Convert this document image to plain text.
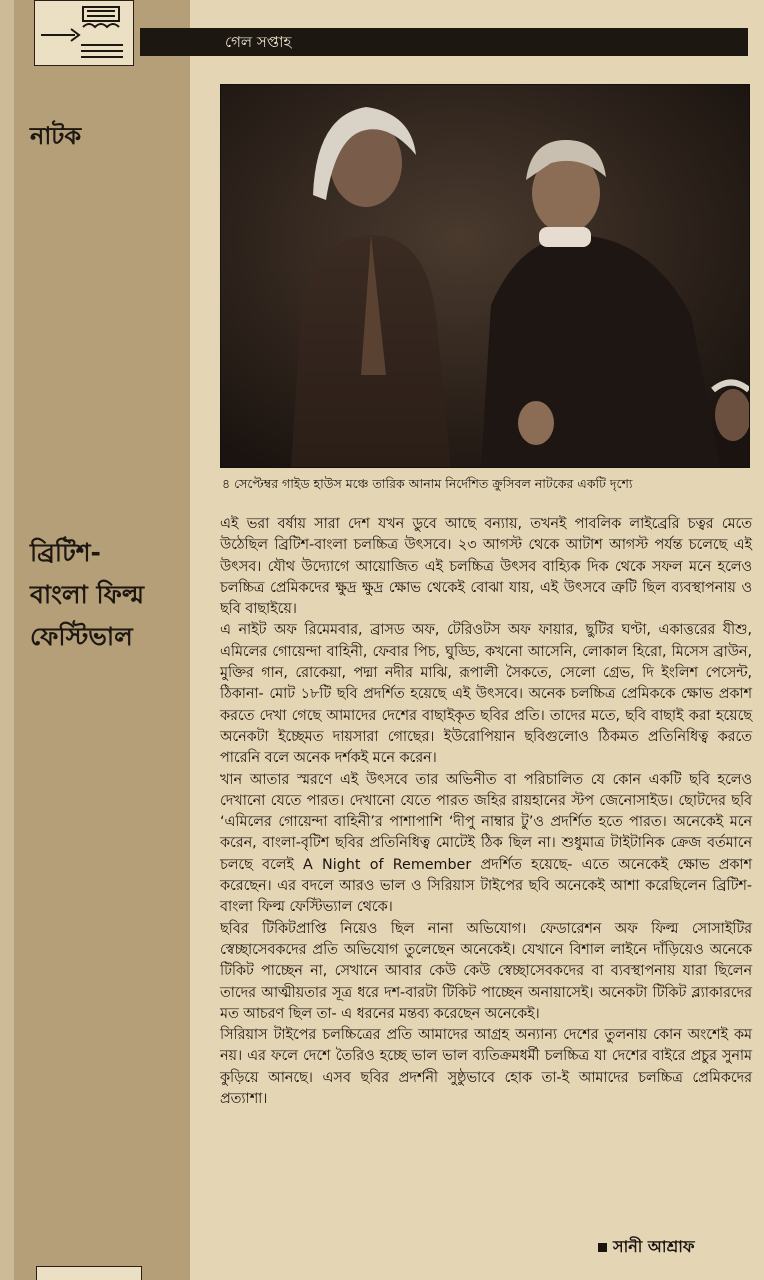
গেল সপ্তাহ
নাটক
৪ সেপ্টেম্বর গাইড হাউস মঞ্চে তারিক আনাম নির্দেশিত ক্রুসিবল নাটকের একটি দৃশ্যে
ব্রিটিশ-
বাংলা ফিল্ম
ফেস্টিভাল

এই ভরা বর্ষায় সারা দেশ যখন ডুবে আছে বন্যায়, তখনই পাবলিক লাইব্রেরি চত্বর মেতে উঠেছিল ব্রিটিশ-বাংলা চলচ্চিত্র উৎসবে। ২৩ আগস্ট থেকে আটাশ আগস্ট পর্যন্ত চলেছে এই উৎসব। যৌথ উদ্যোগে আয়োজিত এই চলচ্চিত্র উৎসব বাহ্যিক দিক থেকে সফল মনে হলেও চলচ্চিত্র প্রেমিকদের ক্ষুদ্র ক্ষুদ্র ক্ষোভ থেকেই বোঝা যায়, এই উৎসবে ত্রুটি ছিল ব্যবস্থাপনায় ও ছবি বাছাইয়ে।

এ নাইট অফ রিমেমবার, ব্রাসড অফ, টেরিওটস অফ ফায়ার, ছুটির ঘণ্টা, একাত্তরের যীশু, এমিলের গোয়েন্দা বাহিনী, ফেবার পিচ, ঘুড্ডি, কখনো আসেনি, লোকাল হিরো, মিসেস ব্রাউন, মুক্তির গান, রোকেয়া, পদ্মা নদীর মাঝি, রূপালী সৈকতে, সেলো গ্রেভ, দি ইংলিশ পেসেন্ট, ঠিকানা- মোট ১৮টি ছবি প্রদর্শিত হয়েছে এই উৎসবে। অনেক চলচ্চিত্র প্রেমিককে ক্ষোভ প্রকাশ করতে দেখা গেছে আমাদের দেশের বাছাইকৃত ছবির প্রতি। তাদের মতে, ছবি বাছাই করা হয়েছে অনেকটা ইচ্ছেমত দায়সারা গোছের। ইউরোপিয়ান ছবিগুলোও ঠিকমত প্রতিনিধিত্ব করতে পারেনি বলে অনেক দর্শকই মনে করেন।

খান আতার স্মরণে এই উৎসবে তার অভিনীত বা পরিচালিত যে কোন একটি ছবি হলেও দেখানো যেতে পারত। দেখানো যেতে পারত জহির রায়হানের স্টপ জেনোসাইড। ছোটদের ছবি ‘এমিলের গোয়েন্দা বাহিনী’র পাশাপাশি ‘দীপু নাম্বার টু’ও প্রদর্শিত হতে পারত। অনেকেই মনে করেন, বাংলা-বৃটিশ ছবির প্রতিনিধিত্ব মোটেই ঠিক ছিল না। শুধুমাত্র টাইটানিক ক্রেজ বর্তমানে চলছে বলেই A Night of Remember প্রদর্শিত হয়েছে- এতে অনেকেই ক্ষোভ প্রকাশ করেছেন। এর বদলে আরও ভাল ও সিরিয়াস টাইপের ছবি অনেকেই আশা করেছিলেন ব্রিটিশ-বাংলা ফিল্ম ফেস্টিভ্যাল থেকে।

ছবির টিকিটপ্রাপ্তি নিয়েও ছিল নানা অভিযোগ। ফেডারেশন অফ ফিল্ম সোসাইটির স্বেচ্ছাসেবকদের প্রতি অভিযোগ তুলেছেন অনেকেই। যেখানে বিশাল লাইনে দাঁড়িয়েও অনেকে টিকিট পাচ্ছেন না, সেখানে আবার কেউ কেউ স্বেচ্ছাসেবকদের বা ব্যবস্থাপনায় যারা ছিলেন তাদের আত্মীয়তার সূত্র ধরে দশ-বারটা টিকিট পাচ্ছেন অনায়াসেই। অনেকটা টিকিট ব্ল্যাকারদের মত আচরণ ছিল তা- এ ধরনের মন্তব্য করেছেন অনেকেই।

সিরিয়াস টাইপের চলচ্চিত্রের প্রতি আমাদের আগ্রহ অন্যান্য দেশের তুলনায় কোন অংশেই কম নয়। এর ফলে দেশে তৈরিও হচ্ছে ভাল ভাল ব্যতিক্রমধর্মী চলচ্চিত্র যা দেশের বাইরে প্রচুর সুনাম কুড়িয়ে আনছে। এসব ছবির প্রদর্শনী সুষ্ঠুভাবে হোক তা-ই আমাদের চলচ্চিত্র প্রেমিকদের প্রত্যাশা।

সানী আশ্রাফ
